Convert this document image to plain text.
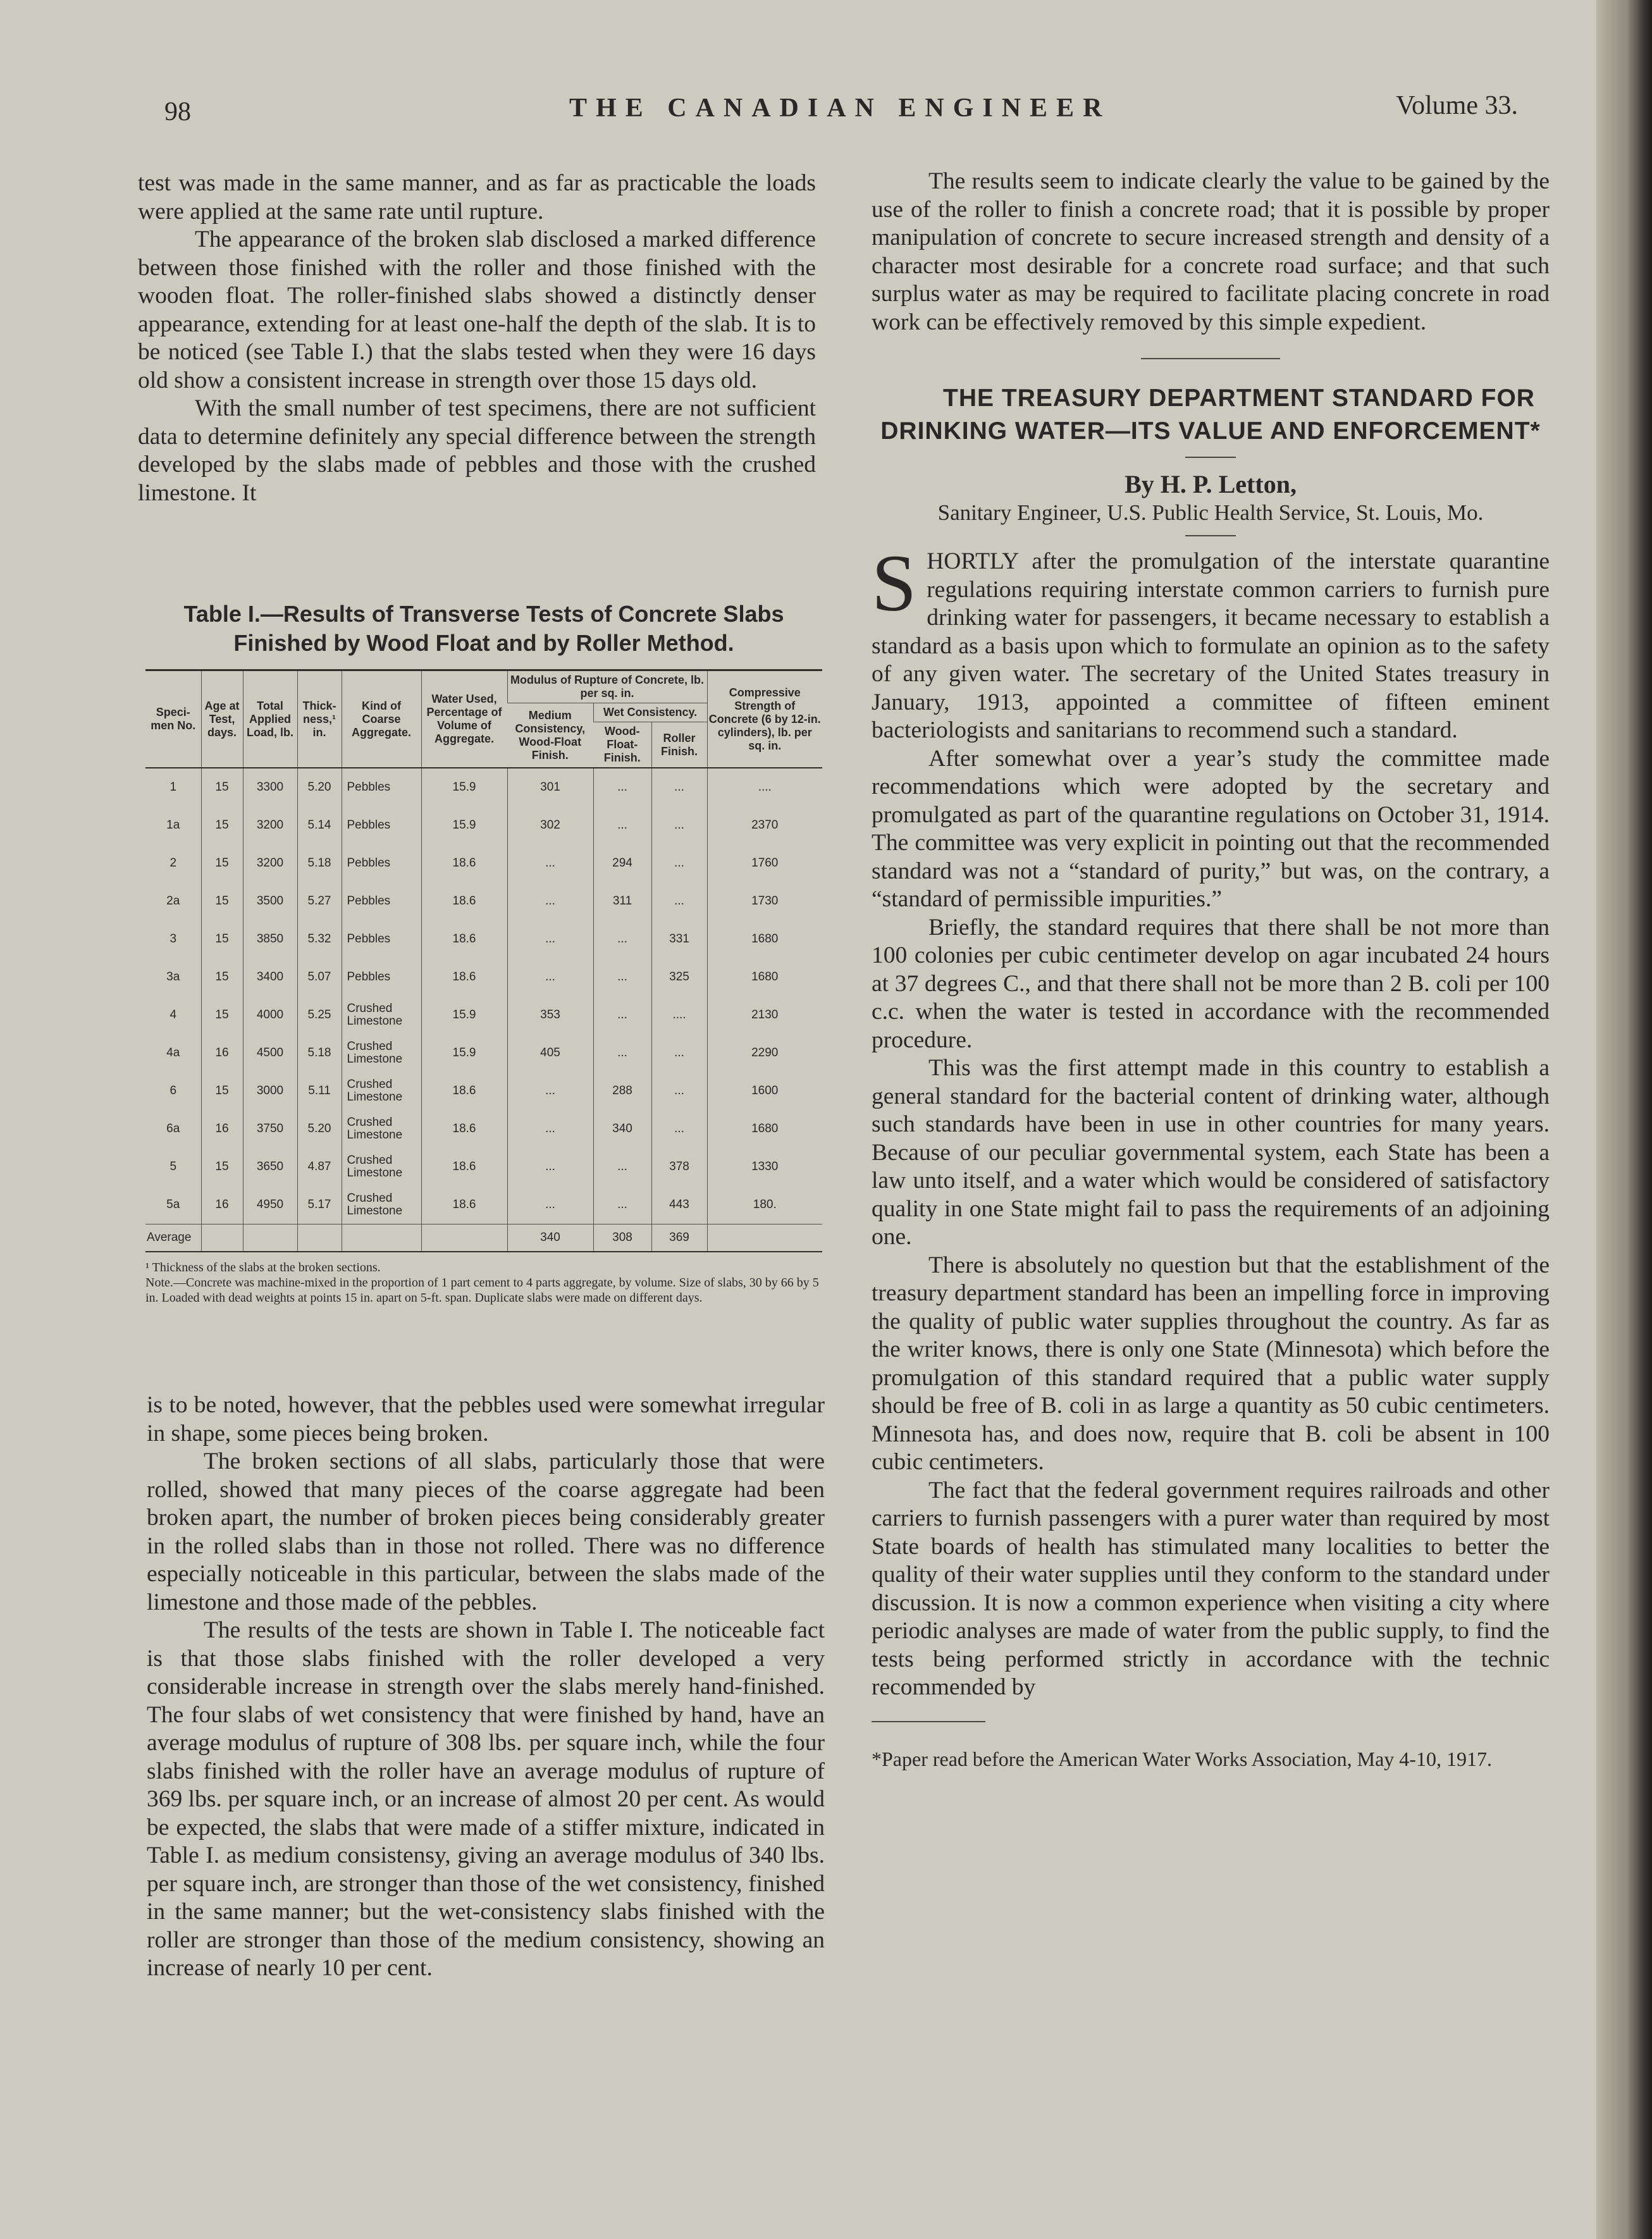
98	THE CANADIAN ENGINEER	Volume 33.

test was made in the same manner, and as far as practicable the loads were applied at the same rate until rupture.

The appearance of the broken slab disclosed a marked difference between those finished with the roller and those finished with the wooden float. The roller-finished slabs showed a distinctly denser appearance, extending for at least one-half the depth of the slab. It is to be noticed (see Table I.) that the slabs tested when they were 16 days old show a consistent increase in strength over those 15 days old.

With the small number of test specimens, there are not sufficient data to determine definitely any special difference between the strength developed by the slabs made of pebbles and those with the crushed limestone. It

Table I.—Results of Transverse Tests of Concrete Slabs Finished by Wood Float and by Roller Method.

Speci-men No.	Age at Test, days.	Total Applied Load, lb.	Thick-ness,¹ in.	Kind of Coarse Aggregate.	Water Used, Percentage of Volume of Aggregate.	Modulus of Rupture of Concrete, lb. per sq. in.			Compressive Strength of Concrete (6 by 12-in. cylinders), lb. per sq. in.
						Medium Consistency, Wood-Float Finish.	Wet Consistency.		
							Wood-Float-Finish.	Roller Finish.	
1	15	3300	5.20	Pebbles	15.9	301	...	...	....
1a	15	3200	5.14	Pebbles	15.9	302	...	...	2370
2	15	3200	5.18	Pebbles	18.6	...	294	...	1760
2a	15	3500	5.27	Pebbles	18.6	...	311	...	1730
3	15	3850	5.32	Pebbles	18.6	...	...	331	1680
3a	15	3400	5.07	Pebbles	18.6	...	...	325	1680
4	15	4000	5.25	Crushed Limestone	15.9	353	...	....	2130
4a	16	4500	5.18	Crushed Limestone	15.9	405	...	...	2290
6	15	3000	5.11	Crushed Limestone	18.6	...	288	...	1600
6a	16	3750	5.20	Crushed Limestone	18.6	...	340	...	1680
5	15	3650	4.87	Crushed Limestone	18.6	...	...	378	1330
5a	16	4950	5.17	Crushed Limestone	18.6	...	...	443	180.
Average						340	308	369	

¹ Thickness of the slabs at the broken sections.

Note.—Concrete was machine-mixed in the proportion of 1 part cement to 4 parts aggregate, by volume. Size of slabs, 30 by 66 by 5 in. Loaded with dead weights at points 15 in. apart on 5-ft. span. Duplicate slabs were made on different days.

is to be noted, however, that the pebbles used were somewhat irregular in shape, some pieces being broken.

The broken sections of all slabs, particularly those that were rolled, showed that many pieces of the coarse aggregate had been broken apart, the number of broken pieces being considerably greater in the rolled slabs than in those not rolled. There was no difference especially noticeable in this particular, between the slabs made of the limestone and those made of the pebbles.

The results of the tests are shown in Table I. The noticeable fact is that those slabs finished with the roller developed a very considerable increase in strength over the slabs merely hand-finished. The four slabs of wet consistency that were finished by hand, have an average modulus of rupture of 308 lbs. per square inch, while the four slabs finished with the roller have an average modulus of rupture of 369 lbs. per square inch, or an increase of almost 20 per cent. As would be expected, the slabs that were made of a stiffer mixture, indicated in Table I. as medium consistensy, giving an average modulus of 340 lbs. per square inch, are stronger than those of the wet consistency, finished in the same manner; but the wet-consistency slabs finished with the roller are stronger than those of the medium consistency, showing an increase of nearly 10 per cent.

The results seem to indicate clearly the value to be gained by the use of the roller to finish a concrete road; that it is possible by proper manipulation of concrete to secure increased strength and density of a character most desirable for a concrete road surface; and that such surplus water as may be required to facilitate placing concrete in road work can be effectively removed by this simple expedient.

THE TREASURY DEPARTMENT STANDARD FOR DRINKING WATER—ITS VALUE AND ENFORCEMENT*

By H. P. Letton,
Sanitary Engineer, U.S. Public Health Service, St. Louis, Mo.

SHORTLY after the promulgation of the interstate quarantine regulations requiring interstate common carriers to furnish pure drinking water for passengers, it became necessary to establish a standard as a basis upon which to formulate an opinion as to the safety of any given water. The secretary of the United States treasury in January, 1913, appointed a committee of fifteen eminent bacteriologists and sanitarians to recommend such a standard.

After somewhat over a year’s study the committee made recommendations which were adopted by the secretary and promulgated as part of the quarantine regulations on October 31, 1914. The committee was very explicit in pointing out that the recommended standard was not a “standard of purity,” but was, on the contrary, a “standard of permissible impurities.”

Briefly, the standard requires that there shall be not more than 100 colonies per cubic centimeter develop on agar incubated 24 hours at 37 degrees C., and that there shall not be more than 2 B. coli per 100 c.c. when the water is tested in accordance with the recommended procedure.

This was the first attempt made in this country to establish a general standard for the bacterial content of drinking water, although such standards have been in use in other countries for many years. Because of our peculiar governmental system, each State has been a law unto itself, and a water which would be considered of satisfactory quality in one State might fail to pass the requirements of an adjoining one.

There is absolutely no question but that the establishment of the treasury department standard has been an impelling force in improving the quality of public water supplies throughout the country. As far as the writer knows, there is only one State (Minnesota) which before the promulgation of this standard required that a public water supply should be free of B. coli in as large a quantity as 50 cubic centimeters. Minnesota has, and does now, require that B. coli be absent in 100 cubic centimeters.

The fact that the federal government requires railroads and other carriers to furnish passengers with a purer water than required by most State boards of health has stimulated many localities to better the quality of their water supplies until they conform to the standard under discussion. It is now a common experience when visiting a city where periodic analyses are made of water from the public supply, to find the tests being performed strictly in accordance with the technic recommended by

*Paper read before the American Water Works Association, May 4-10, 1917.
